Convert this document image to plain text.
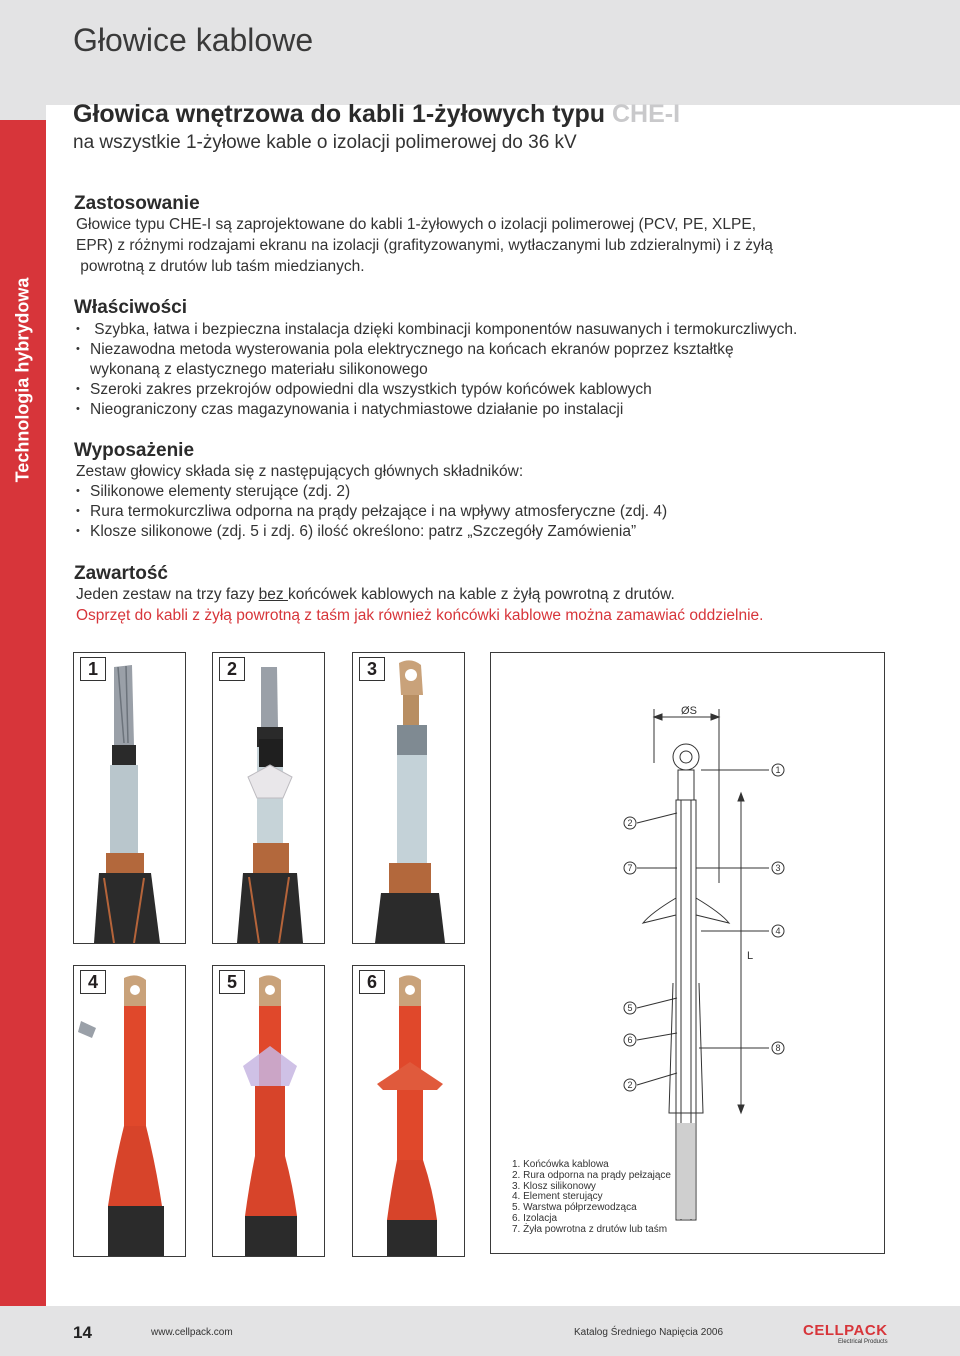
Technologia hybrydowa
Głowice kablowe
Głowica wnętrzowa do kabli 1-żyłowych typu CHE-I
na wszystkie 1-żyłowe kable o izolacji polimerowej do 36 kV
Zastosowanie
Głowice typu CHE-I są zaprojektowane do kabli 1-żyłowych o izolacji polimerowej (PCV, PE, XLPE,
EPR) z różnymi rodzajami ekranu na izolacji (grafityzowanymi, wytłaczanymi lub zdzieralnymi) i z żyłą
powrotną z drutów lub taśm miedzianych.
Właściwości
•  Szybka, łatwa i bezpieczna instalacja dzięki kombinacji komponentów nasuwanych i termokurczliwych.
• Niezawodna metoda wysterowania pola elektrycznego na końcach ekranów poprzez kształtkę
wykonaną z elastycznego materiału silikonowego
• Szeroki zakres przekrojów odpowiedni dla wszystkich typów końcówek kablowych
• Nieograniczony czas magazynowania i natychmiastowe działanie po instalacji
Wyposażenie
Zestaw głowicy składa się z następujących głównych składników:
• Silikonowe elementy sterujące (zdj. 2)
• Rura termokurczliwa odporna na prądy pełzające i na wpływy atmosferyczne (zdj. 4)
• Klosze silikonowe (zdj. 5 i zdj. 6) ilość określono: patrz „Szczegóły Zamówienia”
Zawartość
Jeden zestaw na trzy fazy bez końcówek kablowych na kable z żyłą powrotną z drutów.
Osprzęt do kabli z żyłą powrotną z taśm jak również końcówki kablowe można zamawiać oddzielnie.
1	2	3
4	5	6
1
2
7	3
4
5
6
8
2
ØS
L
1. Końcówka kablowa
2. Rura odporna na prądy pełzające
3. Klosz silikonowy
4. Element sterujący
5. Warstwa półprzewodząca
6. Izolacja
7. Żyła powrotna z drutów lub taśm
14	www.cellpack.com	Katalog Średniego Napięcia 2006	CELLPACK
Electrical Products
